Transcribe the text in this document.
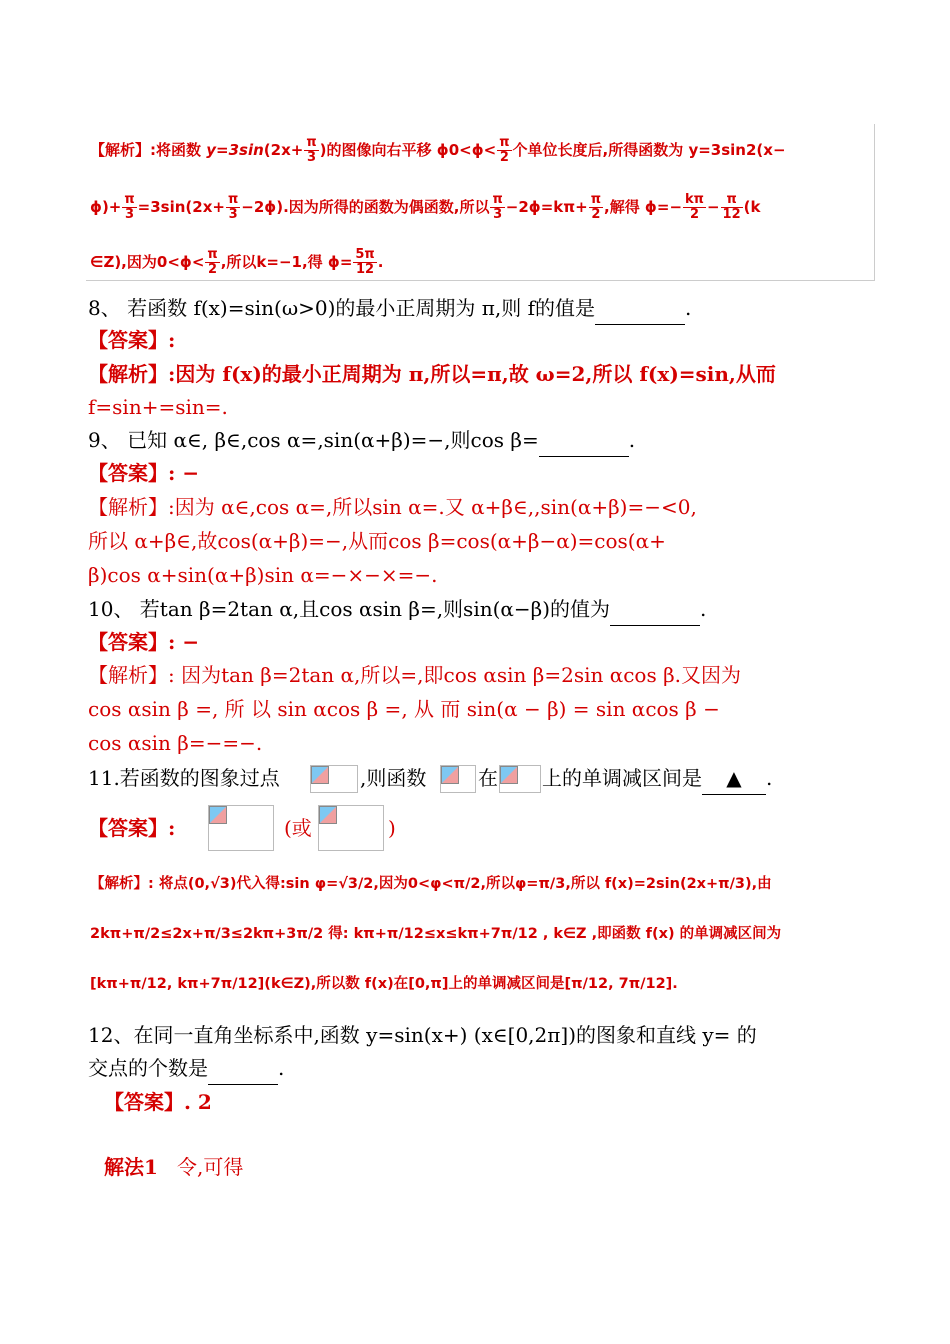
【解析】:将函数 $y=3\sin(2x+ \frac{\pi}{3}$ )的图像向右平移 $\phi 0<\phi< \frac{\pi}{2}$ 个单位长度后,所得函数为 y=3sin2(x−
$\phi)+ \frac{\pi}{3} =3\sin(2x+ \frac{\pi}{3} -2\phi)$.因为所得的函数为偶函数,所以 $\frac{\pi}{3} -2\phi=k\pi+ \frac{\pi}{2}$ ,解得 $\phi=- \frac{k\pi}{2} - \frac{\pi}{12} (k$
∈Z),因为$0<\phi< \frac{\pi}{2}$ ,所以k=−1,得 $\phi= \frac{5\pi}{12}$ .
8、 若函数 f(x)=sin(ω>0)的最小正周期为 π,则 f的值是	.
【答案】:
【解析】:因为 f(x)的最小正周期为 π,所以=π,故 ω=2,所以 f(x)=sin,从而
f=sin+=sin=.
9、 已知 α∈, β∈,cos α=,sin(α+β)=−,则cos β=	.
【答案】: −
【解析】:因为 α∈,cos α=,所以sin α=.又 α+β∈,,sin(α+β)=−<0,
所以 α+β∈,故cos(α+β)=−,从而cos β=cos(α+β−α)=cos(α+
β)cos α+sin(α+β)sin α=−×−×=−.
10、 若tan β=2tan α,且cos αsin β=,则sin(α−β)的值为	.
【答案】: −
【解析】: 因为tan β=2tan α,所以=,即cos αsin β=2sin αcos β.又因为
cos αsin β =, 所 以 sin αcos β =, 从 而 sin(α − β) = sin αcos β −
cos αsin β=−=−.
11.若函数的图象过点	,则函数	在 上的单调减区间是 ▲ .
【答案】:	(或	)
【解析】: 将点(0,√3)代入得:sin φ=√3/2,因为0<φ<π/2,所以φ=π/3,所以 f(x)=2sin(2x+π/3),由
2kπ+π/2≤2x+π/3≤2kπ+3π/2 得: kπ+π/12≤x≤kπ+7π/12 , k∈Z ,即函数 f(x) 的单调减区间为
[kπ+π/12, kπ+7π/12](k∈Z),所以数 f(x)在[0,π]上的单调减区间是[π/12, 7π/12].
12、在同一直角坐标系中,函数 y=sin(x+) (x∈[0,2π])的图象和直线 y= 的
交点的个数是	.
【答案】. 2
解法1 令,可得
